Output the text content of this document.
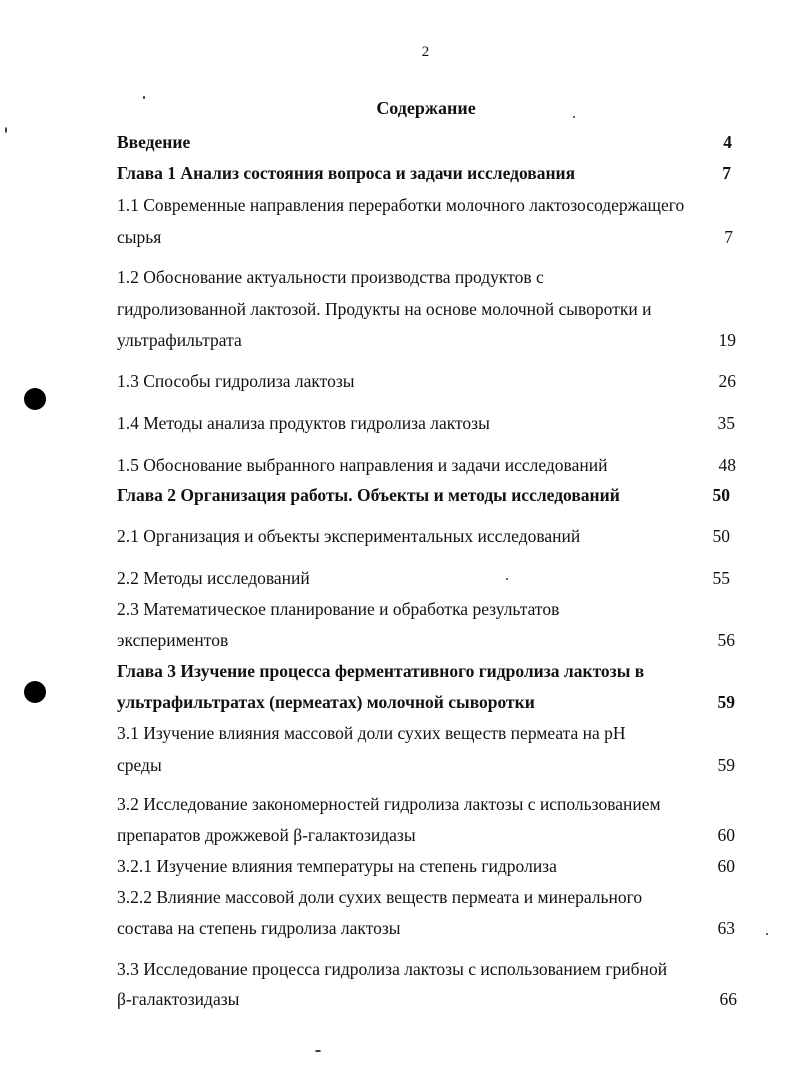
2
Содержание
Введение	4
Глава 1 Анализ состояния вопроса и задачи исследования	7
1.1 Современные направления переработки молочного лактозосодержащего
сырья	7
1.2 Обоснование актуальности производства продуктов с
гидролизованной лактозой. Продукты на основе молочной сыворотки и
ультрафильтрата	19
1.3 Способы гидролиза лактозы	26
1.4 Методы анализа продуктов гидролиза лактозы	35
1.5 Обоснование выбранного направления и задачи исследований	48
Глава 2 Организация работы. Объекты и методы исследований	50
2.1 Организация и объекты экспериментальных исследований	50
2.2 Методы исследований	55
2.3 Математическое планирование и обработка результатов
экспериментов	56
Глава 3 Изучение процесса ферментативного гидролиза лактозы в
ультрафильтратах (пермеатах) молочной сыворотки	59
3.1 Изучение влияния массовой доли сухих веществ пермеата на pH
среды	59
3.2 Исследование закономерностей гидролиза лактозы с использованием
препаратов дрожжевой β-галактозидазы	60
3.2.1 Изучение влияния температуры на степень гидролиза	60
3.2.2 Влияние массовой доли сухих веществ пермеата и минерального
состава на степень гидролиза лактозы	63
3.3 Исследование процесса гидролиза лактозы с использованием грибной
β-галактозидазы	66
